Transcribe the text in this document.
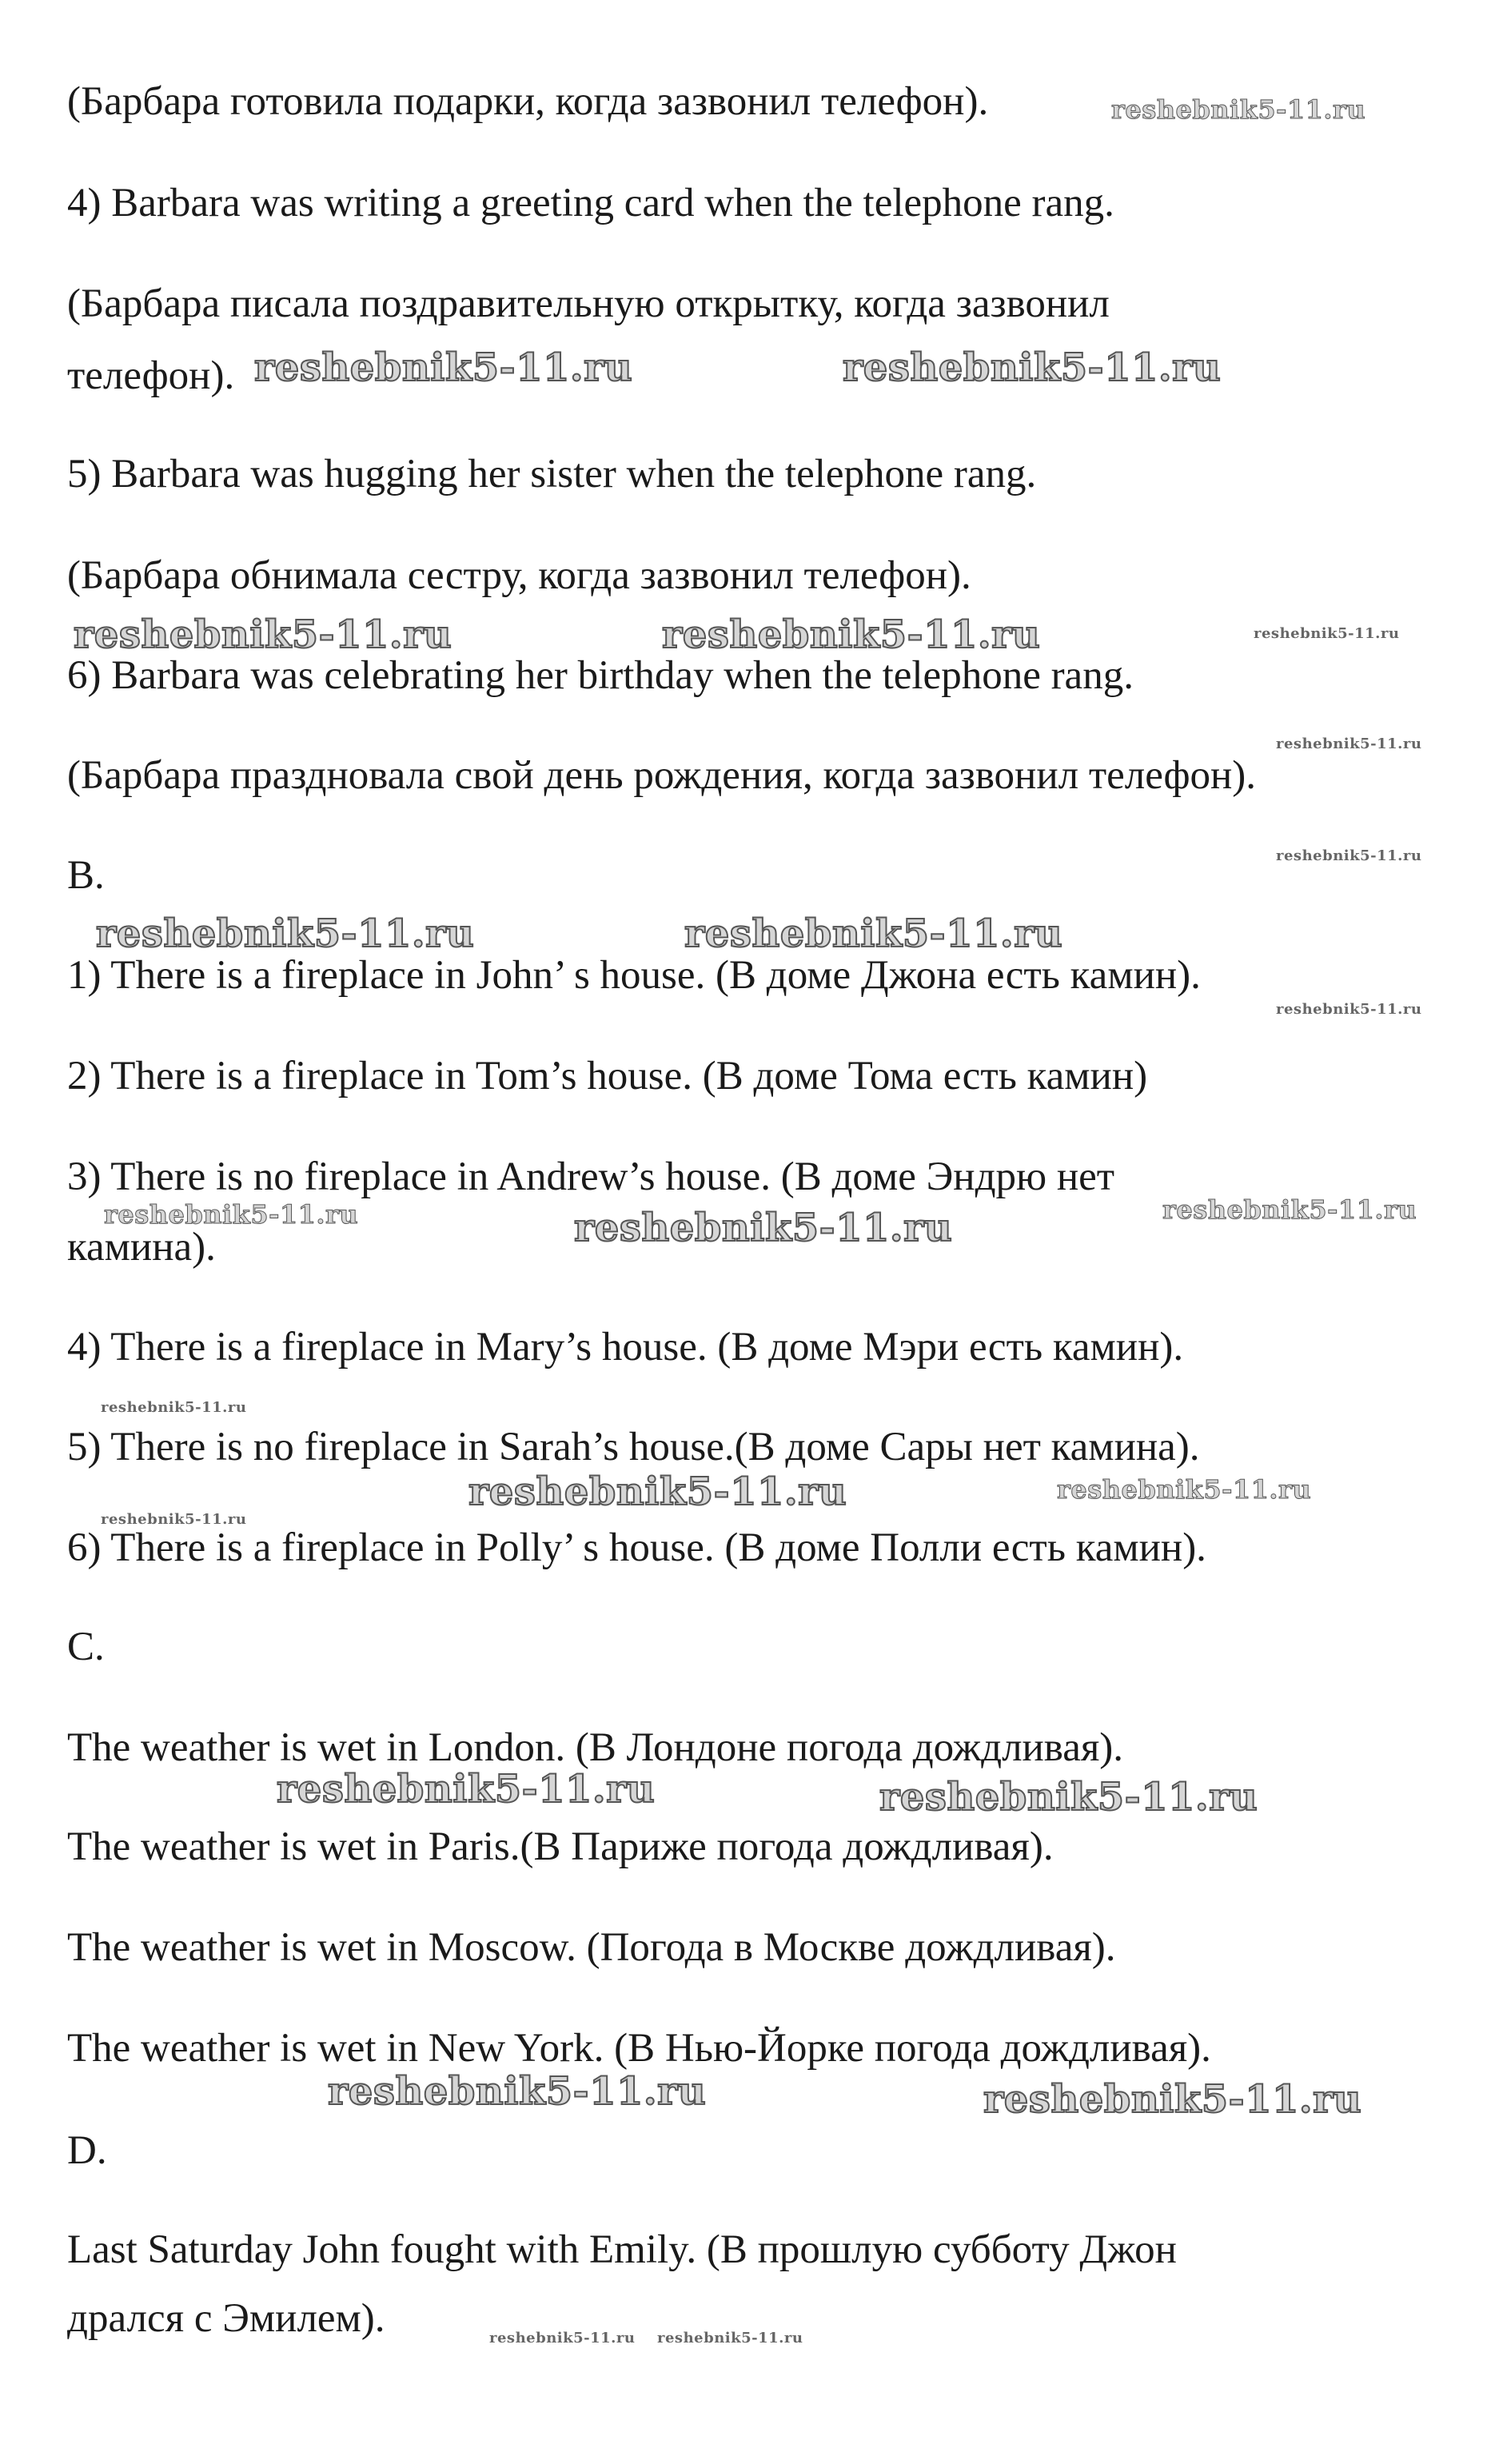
(Барбара готовила подарки, когда зазвонил телефон).

4) Barbara was writing a greeting card when the telephone rang.

(Барбара писала поздравительную открытку, когда зазвонил

телефон).

5) Barbara was hugging her sister when the telephone rang.

(Барбара обнимала сестру, когда зазвонил телефон).

6) Barbara was celebrating her birthday when the telephone rang.

(Барбара праздновала свой день рождения, когда зазвонил телефон).

B.

1) There is a fireplace in John’ s house. (В доме Джона есть камин).

2) There is a fireplace in Tom’s house. (В доме Тома есть камин)

3) There is no fireplace in Andrew’s house. (В доме Эндрю нет

камина).

4) There is a fireplace in Mary’s house. (В доме Мэри есть камин).

5) There is no fireplace in Sarah’s house.(В доме Сары нет камина).

6) There is a fireplace in Polly’ s house. (В доме Полли есть камин).

C.

The weather is wet in London. (В Лондоне погода дождливая).

The weather is wet in Paris.(В Париже погода дождливая).

The weather is wet in Moscow. (Погода в Москве дождливая).

The weather is wet in New York. (В Нью-Йорке погода дождливая).

D.

Last Saturday John fought with Emily. (В прошлую субботу Джон

дрался с Эмилем).

reshebnik5-11.ru
reshebnik5-11.ru	reshebnik5-11.ru
reshebnik5-11.ru	reshebnik5-11.ru	reshebnik5-11.ru
reshebnik5-11.ru
reshebnik5-11.ru
reshebnik5-11.ru	reshebnik5-11.ru
reshebnik5-11.ru
reshebnik5-11.ru	reshebnik5-11.ru	reshebnik5-11.ru
reshebnik5-11.ru
reshebnik5-11.ru	reshebnik5-11.ru
reshebnik5-11.ru
reshebnik5-11.ru	reshebnik5-11.ru
reshebnik5-11.ru	reshebnik5-11.ru
reshebnik5-11.ru reshebnik5-11.ru
